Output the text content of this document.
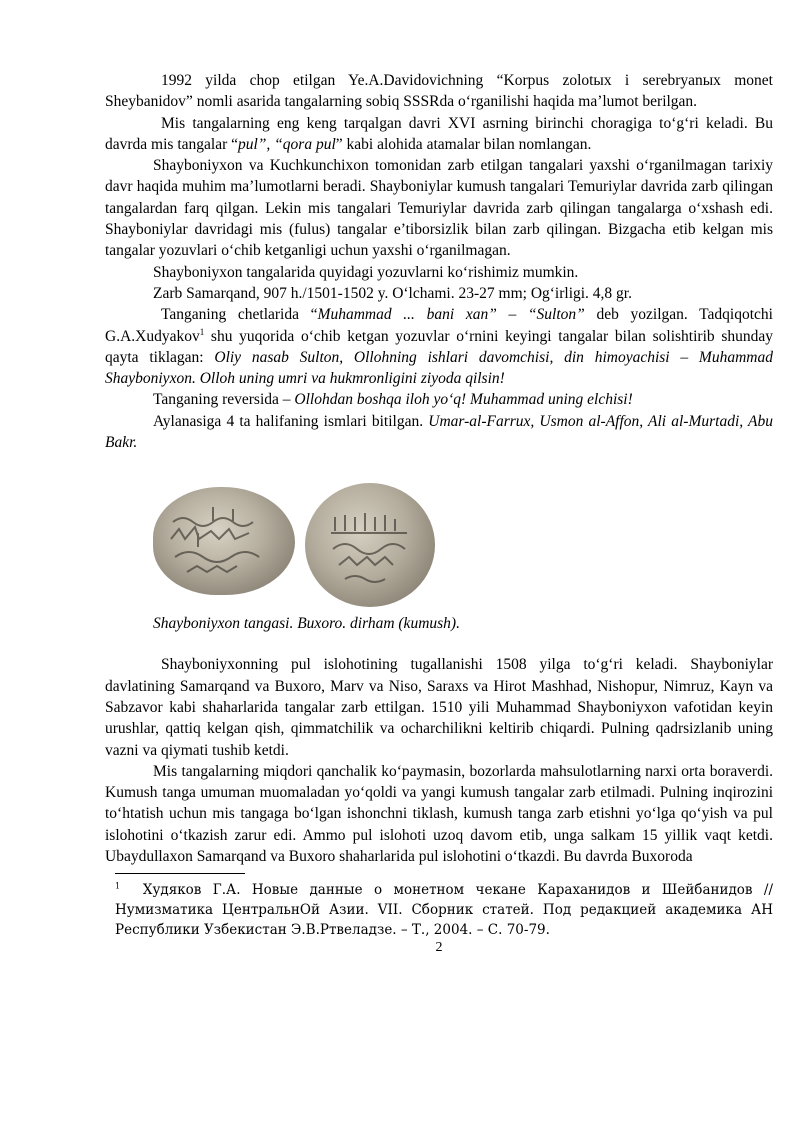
1992 yilda chop etilgan Ye.A.Davidovichning “Korpus zolotых i serebryanых monet Sheybanidov” nomli asarida tangalarning sobiq SSSRda oʻrganilishi haqida ma’lumot berilgan.

Mis tangalarning eng keng tarqalgan davri XVI asrning birinchi choragiga toʻgʻri keladi. Bu davrda mis tangalar “pul”, “qora pul” kabi alohida atamalar bilan nomlangan.

Shayboniyxon va Kuchkunchixon tomonidan zarb etilgan tangalari yaxshi oʻrganilmagan tarixiy davr haqida muhim ma’lumotlarni beradi. Shayboniylar kumush tangalari Temuriylar davrida zarb qilingan tangalardan farq qilgan. Lekin mis tangalari Temuriylar davrida zarb qilingan tangalarga oʻxshash edi. Shayboniylar davridagi mis (fulus) tangalar e’tiborsizlik bilan zarb qilingan. Bizgacha etib kelgan mis tangalar yozuvlari oʻchib ketganligi uchun yaxshi oʻrganilmagan.

Shayboniyxon tangalarida quyidagi yozuvlarni koʻrishimiz mumkin.

Zarb Samarqand, 907 h./1501-1502 y. Oʻlchami. 23-27 mm; Ogʻirligi. 4,8 gr.

Tanganing chetlarida “Muhammad ... bani xan” – “Sulton” deb yozilgan. Tadqiqotchi G.A.Xudyakov$^1$ shu yuqorida oʻchib ketgan yozuvlar oʻrnini keyingi tangalar bilan solishtirib shunday qayta tiklagan: Oliy nasab Sulton, Ollohning ishlari davomchisi, din himoyachisi – Muhammad Shayboniyxon. Olloh uning umri va hukmronligini ziyoda qilsin!

Tanganing reversida – Ollohdan boshqa iloh yoʻq! Muhammad uning elchisi!

Aylanasiga 4 ta halifaning ismlari bitilgan. Umar-al-Farrux, Usmon al-Affon, Ali al-Murtadi, Abu Bakr.

Shayboniyxon tangasi. Buxoro. dirham (kumush).

Shayboniyxonning pul islohotining tugallanishi 1508 yilga toʻgʻri keladi. Shayboniylar davlatining Samarqand va Buxoro, Marv va Niso, Saraxs va Hirot Mashhad, Nishopur, Nimruz, Kayn va Sabzavor kabi shaharlarida tangalar zarb ettilgan. 1510 yili Muhammad Shayboniyxon vafotidan keyin urushlar, qattiq kelgan qish, qimmatchilik va ocharchilikni keltirib chiqardi. Pulning qadrsizlanib uning vazni va qiymati tushib ketdi.

Mis tangalarning miqdori qanchalik koʻpaymasin, bozorlarda mahsulotlarning narxi orta boraverdi. Kumush tanga umuman muomaladan yoʻqoldi va yangi kumush tangalar zarb etilmadi. Pulning inqirozini toʻhtatish uchun mis tangaga boʻlgan ishonchni tiklash, kumush tanga zarb etishni yoʻlga qoʻyish va pul islohotini oʻtkazish zarur edi. Ammo pul islohoti uzoq davom etib, unga salkam 15 yillik vaqt ketdi. Ubaydullaxon Samarqand va Buxoro shaharlarida pul islohotini oʻtkazdi. Bu davrda Buxoroda

$^1$ Худяков Г.А. Новые данные о монетном чекане Караханидов и Шейбанидов // Нумизматика ЦентральнОй Азии. VII. Сборник статей. Под редакцией академика АН Республики Узбекистан Э.В.Ртвеладзе. – Т., 2004. – С. 70-79.
2
